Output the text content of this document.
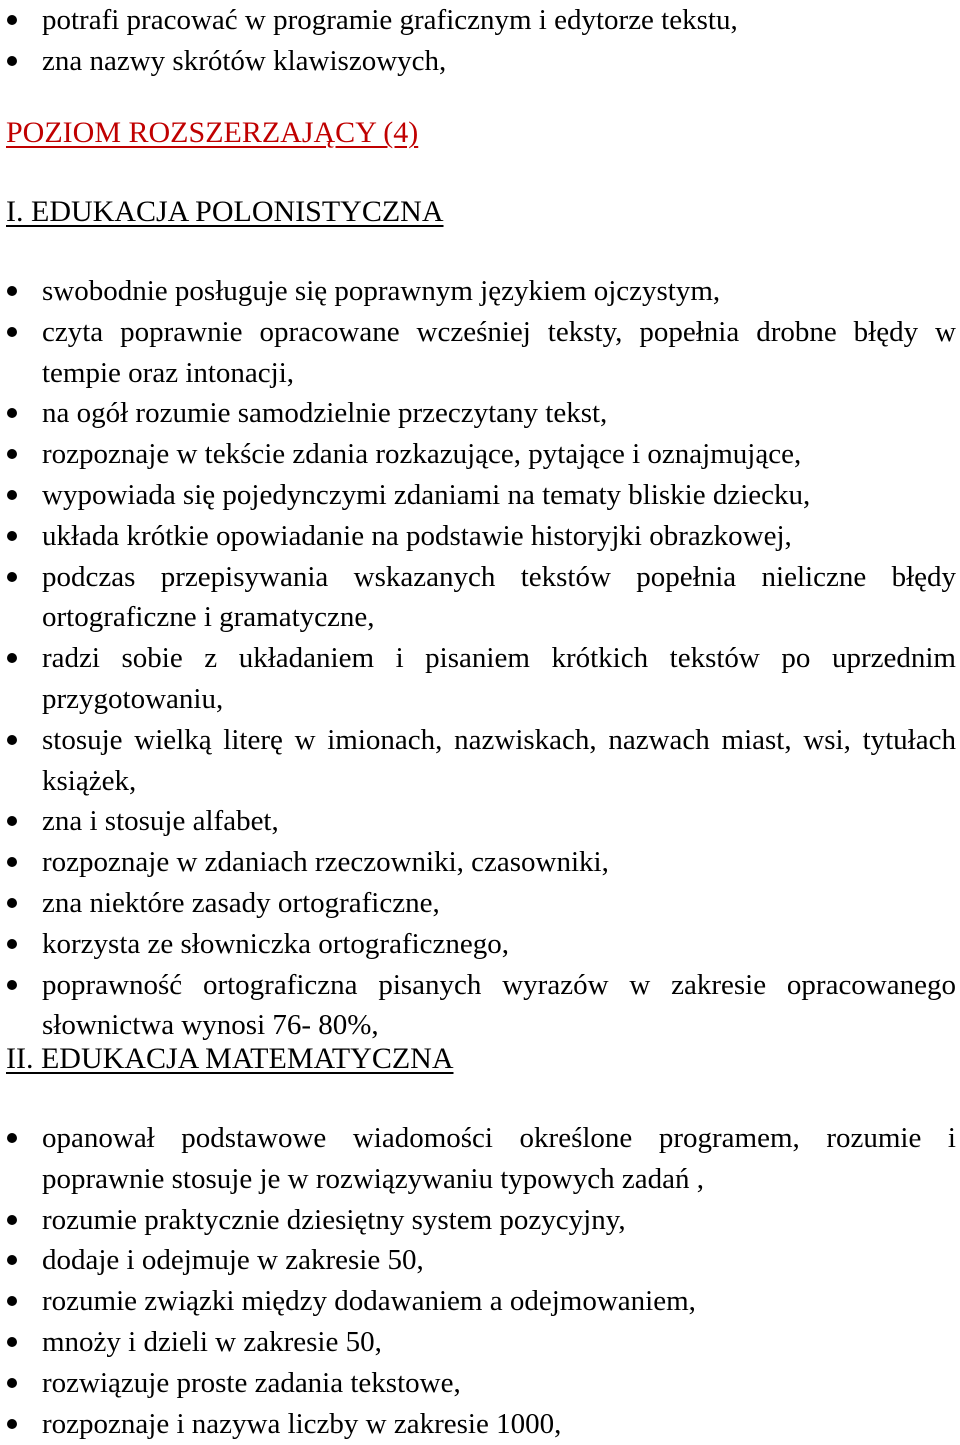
potrafi pracować w programie graficznym i edytorze tekstu,
zna nazwy skrótów klawiszowych,
POZIOM ROZSZERZAJĄCY (4)
I. EDUKACJA POLONISTYCZNA
swobodnie posługuje się poprawnym językiem ojczystym,
czyta poprawnie opracowane wcześniej teksty, popełnia drobne błędy w tempie oraz intonacji,
na ogół rozumie samodzielnie przeczytany tekst,
rozpoznaje w tekście zdania rozkazujące, pytające i oznajmujące,
wypowiada się pojedynczymi zdaniami na tematy bliskie dziecku,
układa krótkie opowiadanie na podstawie historyjki obrazkowej,
podczas przepisywania wskazanych tekstów popełnia nieliczne błędy ortograficzne i gramatyczne,
radzi sobie z układaniem i pisaniem krótkich tekstów po uprzednim przygotowaniu,
stosuje wielką literę w imionach, nazwiskach, nazwach miast, wsi, tytułach książek,
zna i stosuje alfabet,
rozpoznaje w zdaniach rzeczowniki, czasowniki,
zna niektóre zasady ortograficzne,
korzysta ze słowniczka ortograficznego,
poprawność ortograficzna pisanych wyrazów w zakresie opracowanego słownictwa wynosi 76- 80%,
II. EDUKACJA MATEMATYCZNA
opanował podstawowe wiadomości określone programem, rozumie i poprawnie stosuje je w rozwiązywaniu typowych zadań ,
rozumie praktycznie dziesiętny system pozycyjny,
dodaje i odejmuje w zakresie 50,
rozumie związki między dodawaniem a odejmowaniem,
mnoży i dzieli w zakresie 50,
rozwiązuje proste zadania tekstowe,
rozpoznaje i nazywa liczby w zakresie 1000,
